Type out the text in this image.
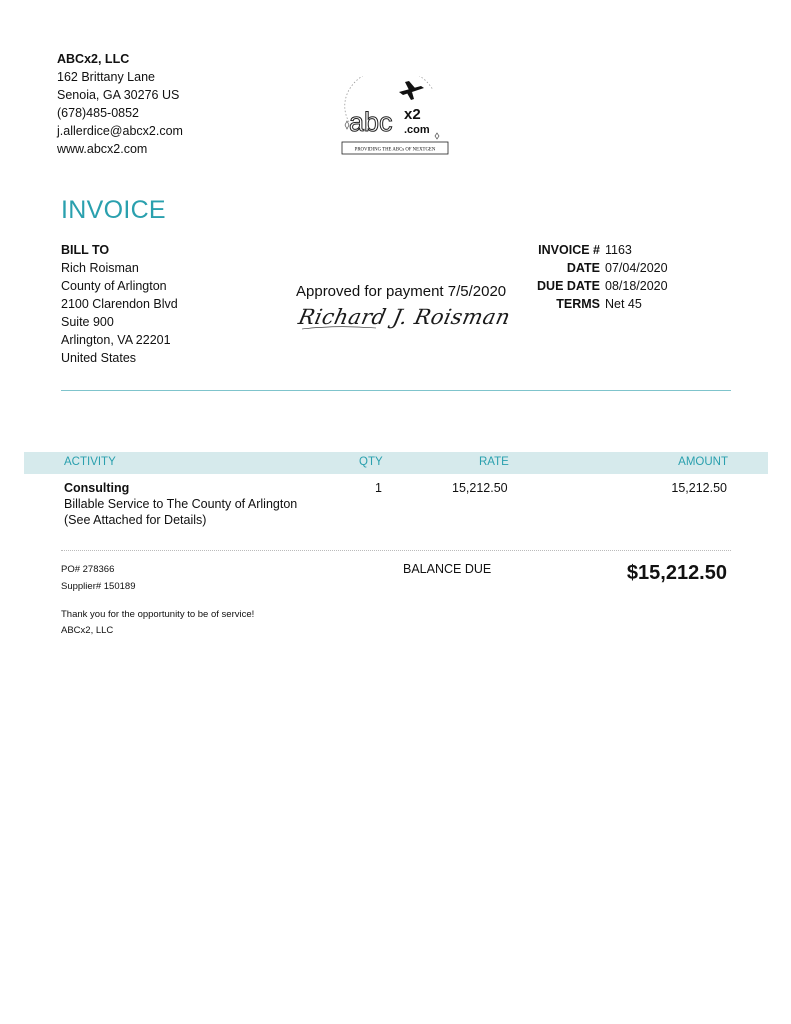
ABCx2, LLC
162 Brittany Lane
Senoia, GA 30276 US
(678)485-0852
j.allerdice@abcx2.com
www.abcx2.com
abc x2
.com
PROVIDING THE ABCs OF NEXTGEN
INVOICE
BILL TO
Rich Roisman
County of Arlington
2100 Clarendon Blvd
Suite 900
Arlington, VA 22201
United States
Approved for payment 7/5/2020
Richard J. Roisman
INVOICE # 1163
DATE 07/04/2020
DUE DATE 08/18/2020
TERMS Net 45
ACTIVITY	QTY	RATE	AMOUNT
Consulting
Billable Service to The County of Arlington
(See Attached for Details)
1	15,212.50	15,212.50
PO# 278366
Supplier# 150189
BALANCE DUE	$15,212.50
Thank you for the opportunity to be of service!
ABCx2, LLC
